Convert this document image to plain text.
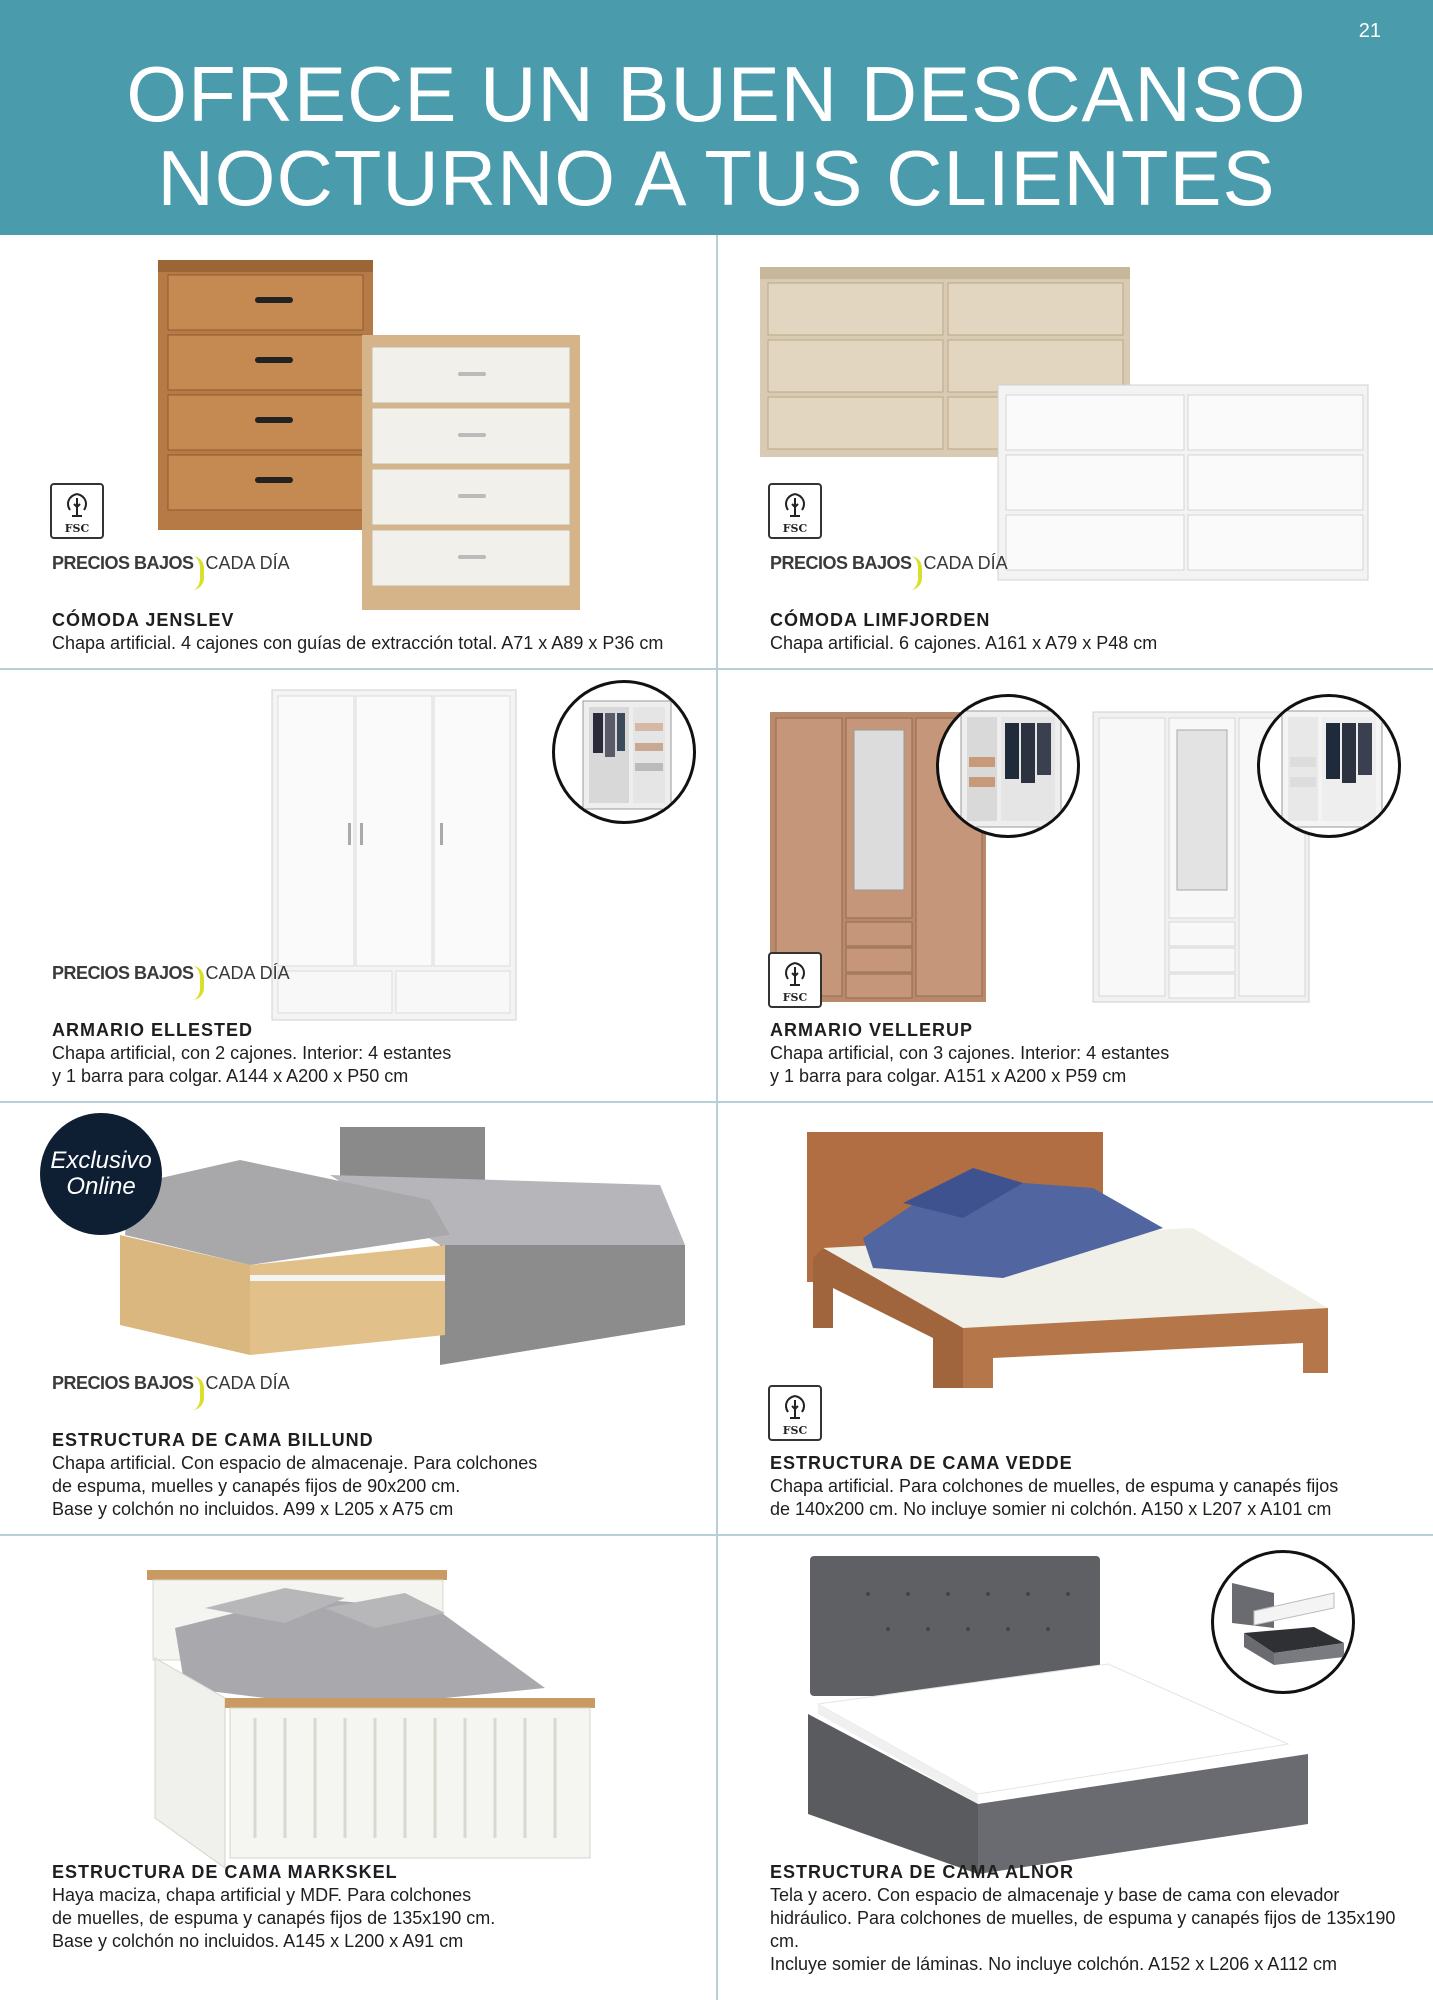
21
OFRECE UN BUEN DESCANSO
NOCTURNO A TUS CLIENTES
FSC
PRECIOS BAJOS CADA DÍA
CÓMODA JENSLEV
Chapa artificial. 4 cajones con guías de extracción total. A71 x A89 x P36 cm
FSC
PRECIOS BAJOS CADA DÍA
CÓMODA LIMFJORDEN
Chapa artificial. 6 cajones. A161 x A79 x P48 cm
PRECIOS BAJOS CADA DÍA
ARMARIO ELLESTED
Chapa artificial, con 2 cajones. Interior: 4 estantes
y 1 barra para colgar. A144 x A200 x P50 cm
FSC
ARMARIO VELLERUP
Chapa artificial, con 3 cajones. Interior: 4 estantes
y 1 barra para colgar. A151 x A200 x P59 cm
Exclusivo
Online
PRECIOS BAJOS CADA DÍA
ESTRUCTURA DE CAMA BILLUND
Chapa artificial. Con espacio de almacenaje. Para colchones
de espuma, muelles y canapés fijos de 90x200 cm.
Base y colchón no incluidos. A99 x L205 x A75 cm
FSC
ESTRUCTURA DE CAMA VEDDE
Chapa artificial. Para colchones de muelles, de espuma y canapés fijos
de 140x200 cm. No incluye somier ni colchón. A150 x L207 x A101 cm
ESTRUCTURA DE CAMA MARKSKEL
Haya maciza, chapa artificial y MDF. Para colchones
de muelles, de espuma y canapés fijos de 135x190 cm.
Base y colchón no incluidos. A145 x L200 x A91 cm
ESTRUCTURA DE CAMA ALNOR
Tela y acero. Con espacio de almacenaje y base de cama con elevador
hidráulico. Para colchones de muelles, de espuma y canapés fijos de 135x190 cm.
Incluye somier de láminas. No incluye colchón. A152 x L206 x A112 cm
